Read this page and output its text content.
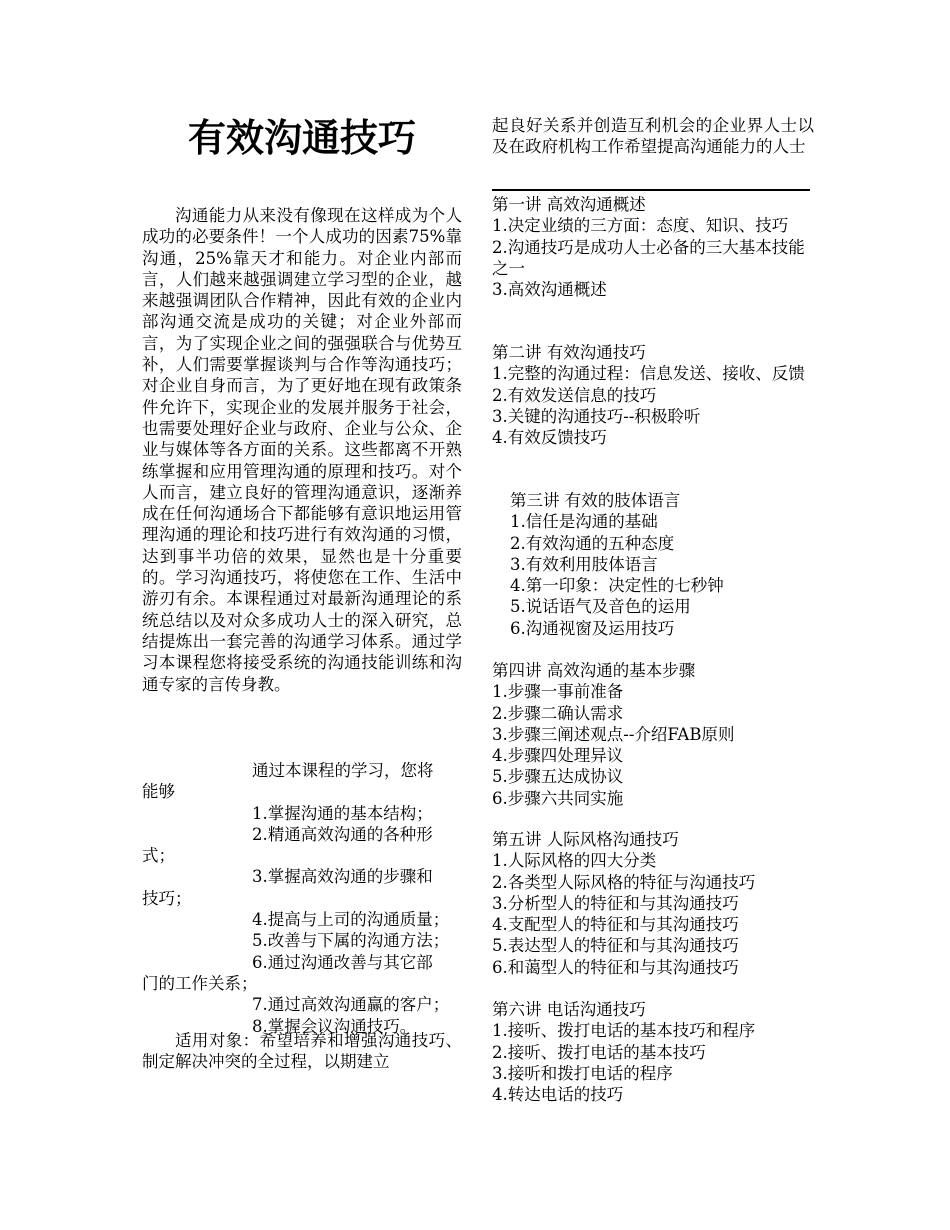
有效沟通技巧

沟通能力从来没有像现在这样成为个人成功的必要条件！一个人成功的因素75%靠沟通，25%靠天才和能力。对企业内部而言，人们越来越强调建立学习型的企业，越来越强调团队合作精神，因此有效的企业内部沟通交流是成功的关键；对企业外部而言，为了实现企业之间的强强联合与优势互补，人们需要掌握谈判与合作等沟通技巧；对企业自身而言，为了更好地在现有政策条件允许下，实现企业的发展并服务于社会，也需要处理好企业与政府、企业与公众、企业与媒体等各方面的关系。这些都离不开熟练掌握和应用管理沟通的原理和技巧。对个人而言，建立良好的管理沟通意识，逐渐养成在任何沟通场合下都能够有意识地运用管理沟通的理论和技巧进行有效沟通的习惯，达到事半功倍的效果，显然也是十分重要的。学习沟通技巧，将使您在工作、生活中游刃有余。本课程通过对最新沟通理论的系统总结以及对众多成功人士的深入研究，总结提炼出一套完善的沟通学习体系。通过学习本课程您将接受系统的沟通技能训练和沟通专家的言传身教。

通过本课程的学习，您将

能够

1.掌握沟通的基本结构；

2.精通高效沟通的各种形

式；

3.掌握高效沟通的步骤和

技巧；

4.提高与上司的沟通质量；

5.改善与下属的沟通方法；

6.通过沟通改善与其它部

门的工作关系；

7.通过高效沟通赢的客户；

8.掌握会议沟通技巧。

适用对象：希望培养和增强沟通技巧、制定解决冲突的全过程，以期建立

起良好关系并创造互利机会的企业界人士以及在政府机构工作希望提高沟通能力的人士

第一讲 高效沟通概述

1.决定业绩的三方面：态度、知识、技巧

2.沟通技巧是成功人士必备的三大基本技能之一

3.高效沟通概述

第二讲 有效沟通技巧

1.完整的沟通过程：信息发送、接收、反馈

2.有效发送信息的技巧

3.关键的沟通技巧--积极聆听

4.有效反馈技巧

第三讲 有效的肢体语言

1.信任是沟通的基础

2.有效沟通的五种态度

3.有效利用肢体语言

4.第一印象：决定性的七秒钟

5.说话语气及音色的运用

6.沟通视窗及运用技巧

第四讲 高效沟通的基本步骤

1.步骤一事前准备

2.步骤二确认需求

3.步骤三阐述观点--介绍FAB原则

4.步骤四处理异议

5.步骤五达成协议

6.步骤六共同实施

第五讲 人际风格沟通技巧

1.人际风格的四大分类

2.各类型人际风格的特征与沟通技巧

3.分析型人的特征和与其沟通技巧

4.支配型人的特征和与其沟通技巧

5.表达型人的特征和与其沟通技巧

6.和蔼型人的特征和与其沟通技巧

第六讲 电话沟通技巧

1.接听、拨打电话的基本技巧和程序

2.接听、拨打电话的基本技巧

3.接听和拨打电话的程序

4.转达电话的技巧
